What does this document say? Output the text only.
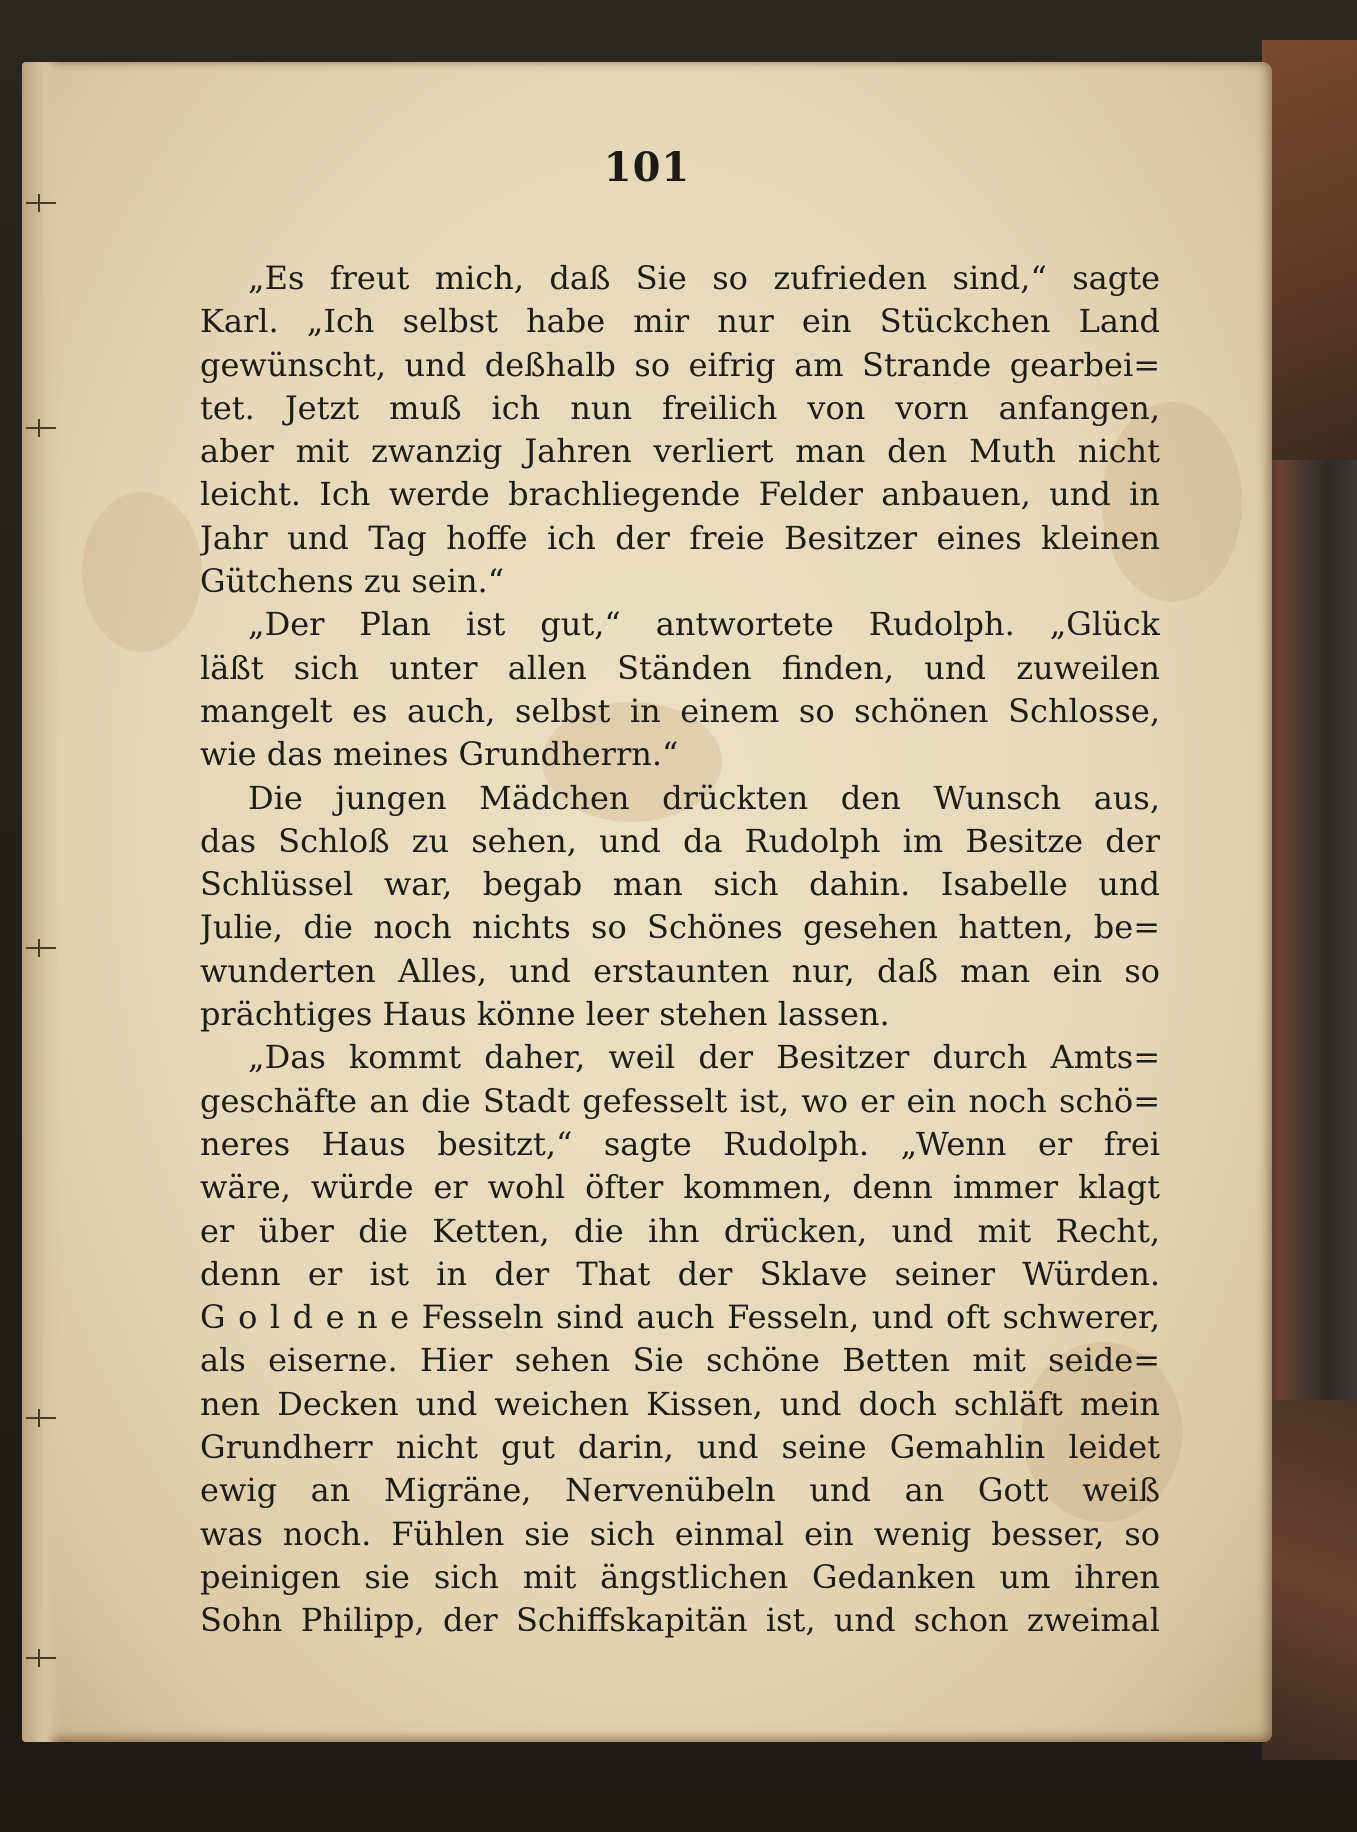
101
„Es freut mich, daß Sie so zufrieden sind,“ sagte
Karl. „Ich selbst habe mir nur ein Stückchen Land
gewünscht, und deßhalb so eifrig am Strande gearbei=
tet. Jetzt muß ich nun freilich von vorn anfangen,
aber mit zwanzig Jahren verliert man den Muth nicht
leicht. Ich werde brachliegende Felder anbauen, und in
Jahr und Tag hoffe ich der freie Besitzer eines kleinen
Gütchens zu sein.“
„Der Plan ist gut,“ antwortete Rudolph. „Glück
läßt sich unter allen Ständen finden, und zuweilen
mangelt es auch, selbst in einem so schönen Schlosse,
wie das meines Grundherrn.“
Die jungen Mädchen drückten den Wunsch aus,
das Schloß zu sehen, und da Rudolph im Besitze der
Schlüssel war, begab man sich dahin. Isabelle und
Julie, die noch nichts so Schönes gesehen hatten, be=
wunderten Alles, und erstaunten nur, daß man ein so
prächtiges Haus könne leer stehen lassen.
„Das kommt daher, weil der Besitzer durch Amts=
geschäfte an die Stadt gefesselt ist, wo er ein noch schö=
neres Haus besitzt,“ sagte Rudolph. „Wenn er frei
wäre, würde er wohl öfter kommen, denn immer klagt
er über die Ketten, die ihn drücken, und mit Recht,
denn er ist in der That der Sklave seiner Würden.
G o l d e n e Fesseln sind auch Fesseln, und oft schwerer,
als eiserne. Hier sehen Sie schöne Betten mit seide=
nen Decken und weichen Kissen, und doch schläft mein
Grundherr nicht gut darin, und seine Gemahlin leidet
ewig an Migräne, Nervenübeln und an Gott weiß
was noch. Fühlen sie sich einmal ein wenig besser, so
peinigen sie sich mit ängstlichen Gedanken um ihren
Sohn Philipp, der Schiffskapitän ist, und schon zweimal
